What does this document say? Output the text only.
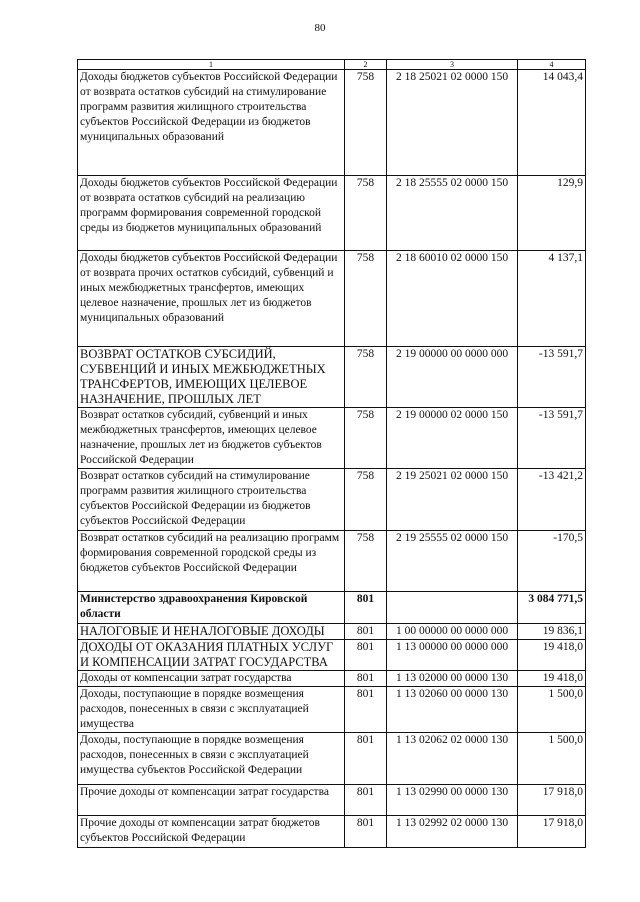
80
1	2	3	4
Доходы бюджетов субъектов Российской Федерации от возврата остатков субсидий на стимулирование программ развития жилищного строительства субъектов Российской Федерации из бюджетов муниципальных образований	758	2 18 25021 02 0000 150	14 043,4
Доходы бюджетов субъектов Российской Федерации от возврата остатков субсидий на реализацию программ формирования современной городской среды из бюджетов муниципальных образований	758	2 18 25555 02 0000 150	129,9
Доходы бюджетов субъектов Российской Федерации от возврата прочих остатков субсидий, субвенций и иных межбюджетных трансфертов, имеющих целевое назначение, прошлых лет из бюджетов муниципальных образований	758	2 18 60010 02 0000 150	4 137,1
ВОЗВРАТ ОСТАТКОВ СУБСИДИЙ, СУБВЕНЦИЙ И ИНЫХ МЕЖБЮДЖЕТНЫХ ТРАНСФЕРТОВ, ИМЕЮЩИХ ЦЕЛЕВОЕ НАЗНАЧЕНИЕ, ПРОШЛЫХ ЛЕТ	758	2 19 00000 00 0000 000	-13 591,7
Возврат остатков субсидий, субвенций и иных межбюджетных трансфертов, имеющих целевое назначение, прошлых лет из бюджетов субъектов Российской Федерации	758	2 19 00000 02 0000 150	-13 591,7
Возврат остатков субсидий на стимулирование программ развития жилищного строительства субъектов Российской Федерации из бюджетов субъектов Российской Федерации	758	2 19 25021 02 0000 150	-13 421,2
Возврат остатков субсидий на реализацию программ формирования современной городской среды из бюджетов субъектов Российской Федерации	758	2 19 25555 02 0000 150	-170,5
Министерство здравоохранения Кировской области	801		3 084 771,5
НАЛОГОВЫЕ И НЕНАЛОГОВЫЕ ДОХОДЫ	801	1 00 00000 00 0000 000	19 836,1
ДОХОДЫ ОТ ОКАЗАНИЯ ПЛАТНЫХ УСЛУГ И КОМПЕНСАЦИИ ЗАТРАТ ГОСУДАРСТВА	801	1 13 00000 00 0000 000	19 418,0
Доходы от компенсации затрат государства	801	1 13 02000 00 0000 130	19 418,0
Доходы, поступающие в порядке возмещения расходов, понесенных в связи с эксплуатацией имущества	801	1 13 02060 00 0000 130	1 500,0
Доходы, поступающие в порядке возмещения расходов, понесенных в связи с эксплуатацией имущества субъектов Российской Федерации	801	1 13 02062 02 0000 130	1 500,0
Прочие доходы от компенсации затрат государства	801	1 13 02990 00 0000 130	17 918,0
Прочие доходы от компенсации затрат бюджетов субъектов Российской Федерации	801	1 13 02992 02 0000 130	17 918,0
